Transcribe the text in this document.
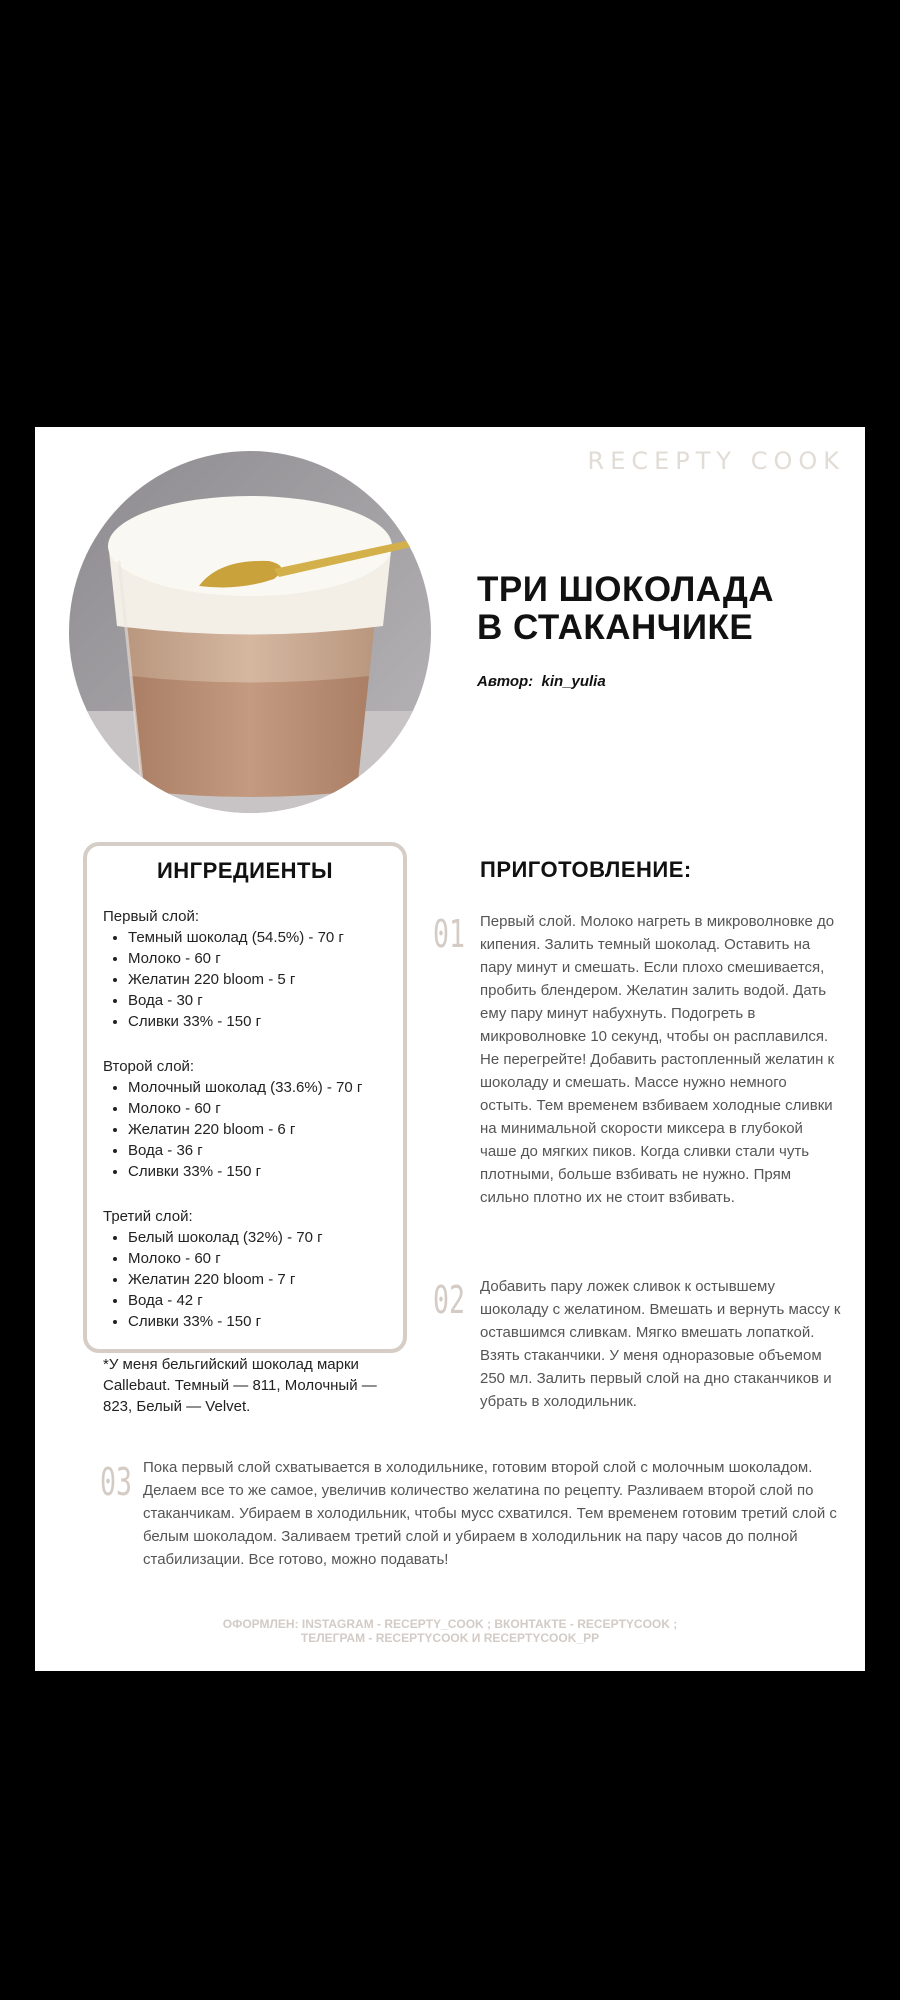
RECEPTY COOK
ТРИ ШОКОЛАДА
В СТАКАНЧИКЕ
Автор: kin_yulia
ИНГРЕДИЕНТЫ
Первый слой:
• Темный шоколад (54.5%) - 70 г
• Молоко - 60 г
• Желатин 220 bloom - 5 г
• Вода - 30 г
• Сливки 33% - 150 г
Второй слой:
• Молочный шоколад (33.6%) - 70 г
• Молоко - 60 г
• Желатин 220 bloom - 6 г
• Вода - 36 г
• Сливки 33% - 150 г
Третий слой:
• Белый шоколад (32%) - 70 г
• Молоко - 60 г
• Желатин 220 bloom - 7 г
• Вода - 42 г
• Сливки 33% - 150 г
*У меня бельгийский шоколад марки Callebaut. Темный — 811, Молочный — 823, Белый — Velvet.
ПРИГОТОВЛЕНИЕ:
01 Первый слой. Молоко нагреть в микроволновке до кипения. Залить темный шоколад. Оставить на пару минут и смешать. Если плохо смешивается, пробить блендером. Желатин залить водой. Дать ему пару минут набухнуть. Подогреть в микроволновке 10 секунд, чтобы он расплавился. Не перегрейте! Добавить растопленный желатин к шоколаду и смешать. Массе нужно немного остыть. Тем временем взбиваем холодные сливки на минимальной скорости миксера в глубокой чаше до мягких пиков. Когда сливки стали чуть плотными, больше взбивать не нужно. Прям сильно плотно их не стоит взбивать.
02 Добавить пару ложек сливок к остывшему шоколаду с желатином. Вмешать и вернуть массу к оставшимся сливкам. Мягко вмешать лопаткой. Взять стаканчики. У меня одноразовые объемом 250 мл. Залить первый слой на дно стаканчиков и убрать в холодильник.
03 Пока первый слой схватывается в холодильнике, готовим второй слой с молочным шоколадом. Делаем все то же самое, увеличив количество желатина по рецепту. Разливаем второй слой по стаканчикам. Убираем в холодильник, чтобы мусс схватился. Тем временем готовим третий слой с белым шоколадом. Заливаем третий слой и убираем в холодильник на пару часов до полной стабилизации. Все готово, можно подавать!
ОФОРМЛЕН: INSTAGRAM - RECEPTY_COOK ; ВКОНТАКТЕ - RECEPTYCOOK ;
ТЕЛЕГРАМ - RECEPTYCOOK И RECEPTYCOOK_PP
